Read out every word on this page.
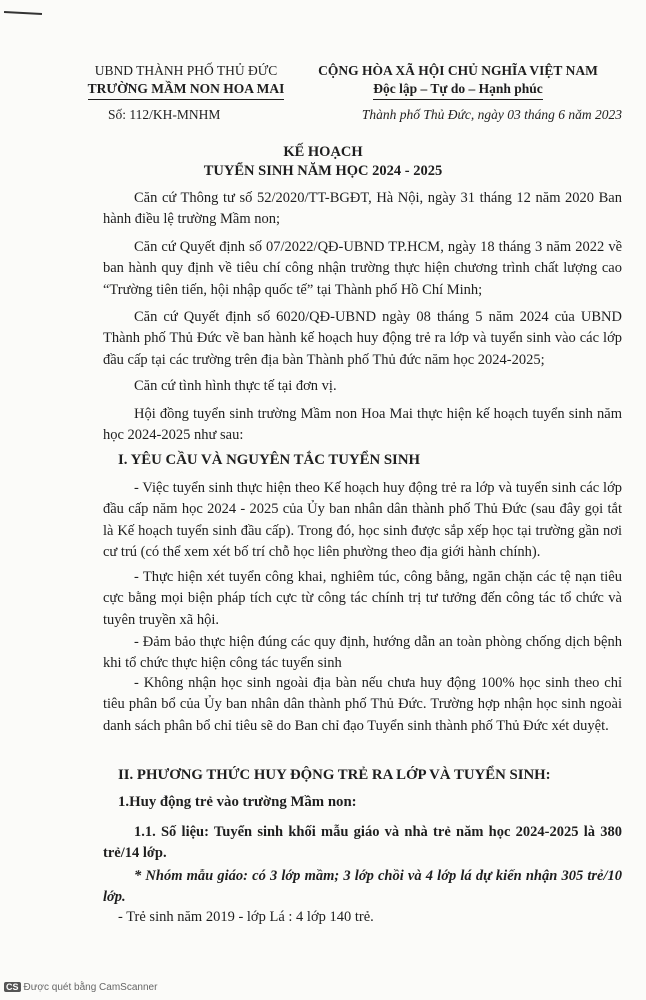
UBND THÀNH PHỐ THỦ ĐỨC
TRƯỜNG MẦM NON HOA MAI
CỘNG HÒA XÃ HỘI CHỦ NGHĨA VIỆT NAM
Độc lập – Tự do – Hạnh phúc
Số: 112/KH-MNHM	Thành phố Thủ Đức, ngày 03 tháng 6 năm 2023
KẾ HOẠCH
TUYỂN SINH NĂM HỌC 2024 - 2025
Căn cứ Thông tư số 52/2020/TT-BGĐT, Hà Nội, ngày 31 tháng 12 năm 2020 Ban hành điều lệ trường Mầm non;
Căn cứ Quyết định số 07/2022/QĐ-UBND TP.HCM, ngày 18 tháng 3 năm 2022 về ban hành quy định về tiêu chí công nhận trường thực hiện chương trình chất lượng cao “Trường tiên tiến, hội nhập quốc tế” tại Thành phố Hồ Chí Minh;
Căn cứ Quyết định số 6020/QĐ-UBND ngày 08 tháng 5 năm 2024 của UBND Thành phố Thủ Đức về ban hành kế hoạch huy động trẻ ra lớp và tuyển sinh vào các lớp đầu cấp tại các trường trên địa bàn Thành phố Thủ đức năm học 2024-2025;
Căn cứ tình hình thực tế tại đơn vị.
Hội đồng tuyển sinh trường Mầm non Hoa Mai thực hiện kế hoạch tuyển sinh năm học 2024-2025 như sau:
I. YÊU CẦU VÀ NGUYÊN TẮC TUYỂN SINH
- Việc tuyển sinh thực hiện theo Kế hoạch huy động trẻ ra lớp và tuyển sinh các lớp đầu cấp năm học 2024 - 2025 của Ủy ban nhân dân thành phố Thủ Đức (sau đây gọi tắt là Kế hoạch tuyển sinh đầu cấp). Trong đó, học sinh được sắp xếp học tại trường gần nơi cư trú (có thể xem xét bố trí chỗ học liên phường theo địa giới hành chính).
- Thực hiện xét tuyển công khai, nghiêm túc, công bằng, ngăn chặn các tệ nạn tiêu cực bằng mọi biện pháp tích cực từ công tác chính trị tư tưởng đến công tác tổ chức và tuyên truyền xã hội.
- Đảm bảo thực hiện đúng các quy định, hướng dẫn an toàn phòng chống dịch bệnh khi tổ chức thực hiện công tác tuyển sinh
- Không nhận học sinh ngoài địa bàn nếu chưa huy động 100% học sinh theo chỉ tiêu phân bổ của Ủy ban nhân dân thành phố Thủ Đức. Trường hợp nhận học sinh ngoài danh sách phân bổ chỉ tiêu sẽ do Ban chỉ đạo Tuyển sinh thành phố Thủ Đức xét duyệt.
II. PHƯƠNG THỨC HUY ĐỘNG TRẺ RA LỚP VÀ TUYỂN SINH:
1.Huy động trẻ vào trường Mầm non:
1.1. Số liệu: Tuyển sinh khối mẫu giáo và nhà trẻ năm học 2024-2025 là 380 trẻ/14 lớp.
* Nhóm mẫu giáo: có 3 lớp mầm; 3 lớp chồi và 4 lớp lá dự kiến nhận 305 trẻ/10 lớp.
- Trẻ sinh năm 2019 - lớp Lá : 4 lớp 140 trẻ.
CS Được quét bằng CamScanner
